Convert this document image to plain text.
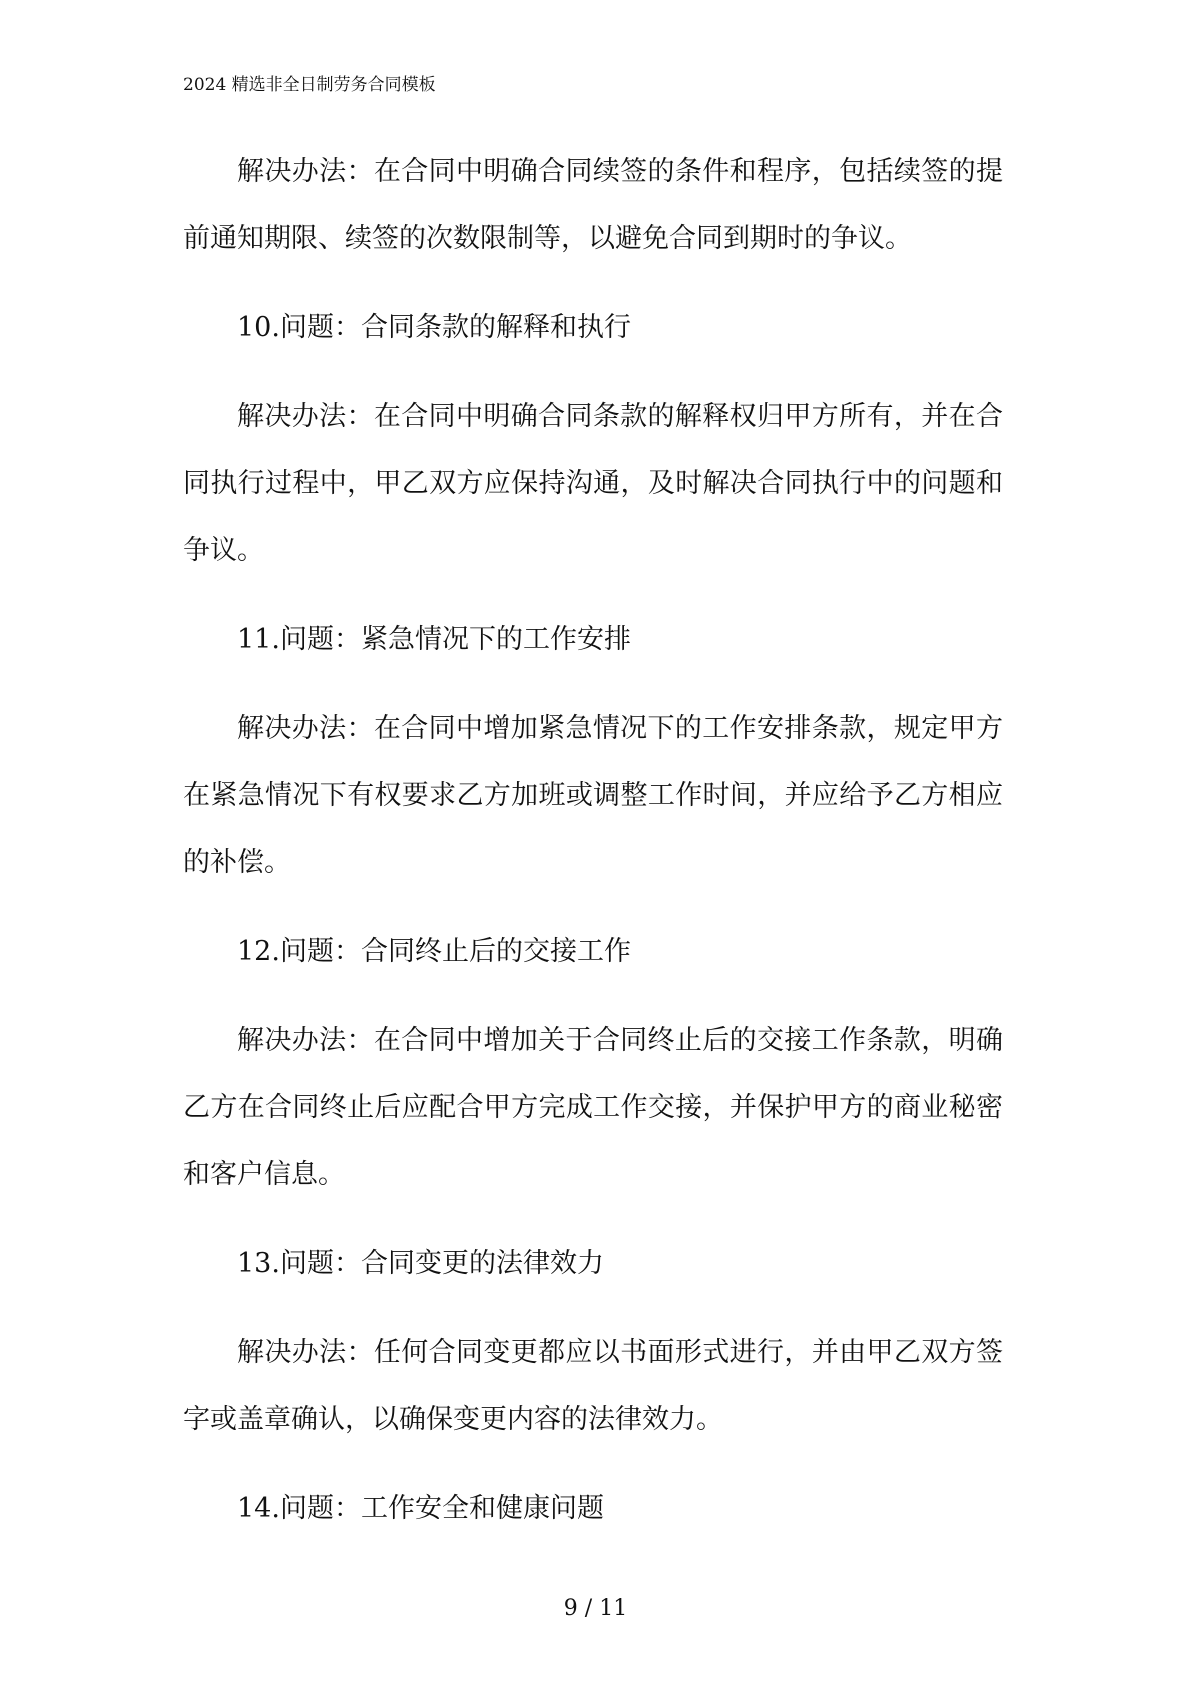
2024 精选非全日制劳务合同模板

解决办法：在合同中明确合同续签的条件和程序，包括续签的提前通知期限、续签的次数限制等，以避免合同到期时的争议。

10.问题：合同条款的解释和执行

解决办法：在合同中明确合同条款的解释权归甲方所有，并在合同执行过程中，甲乙双方应保持沟通，及时解决合同执行中的问题和争议。

11.问题：紧急情况下的工作安排

解决办法：在合同中增加紧急情况下的工作安排条款，规定甲方在紧急情况下有权要求乙方加班或调整工作时间，并应给予乙方相应的补偿。

12.问题：合同终止后的交接工作

解决办法：在合同中增加关于合同终止后的交接工作条款，明确乙方在合同终止后应配合甲方完成工作交接，并保护甲方的商业秘密和客户信息。

13.问题：合同变更的法律效力

解决办法：任何合同变更都应以书面形式进行，并由甲乙双方签字或盖章确认，以确保变更内容的法律效力。

14.问题：工作安全和健康问题

9 / 11
